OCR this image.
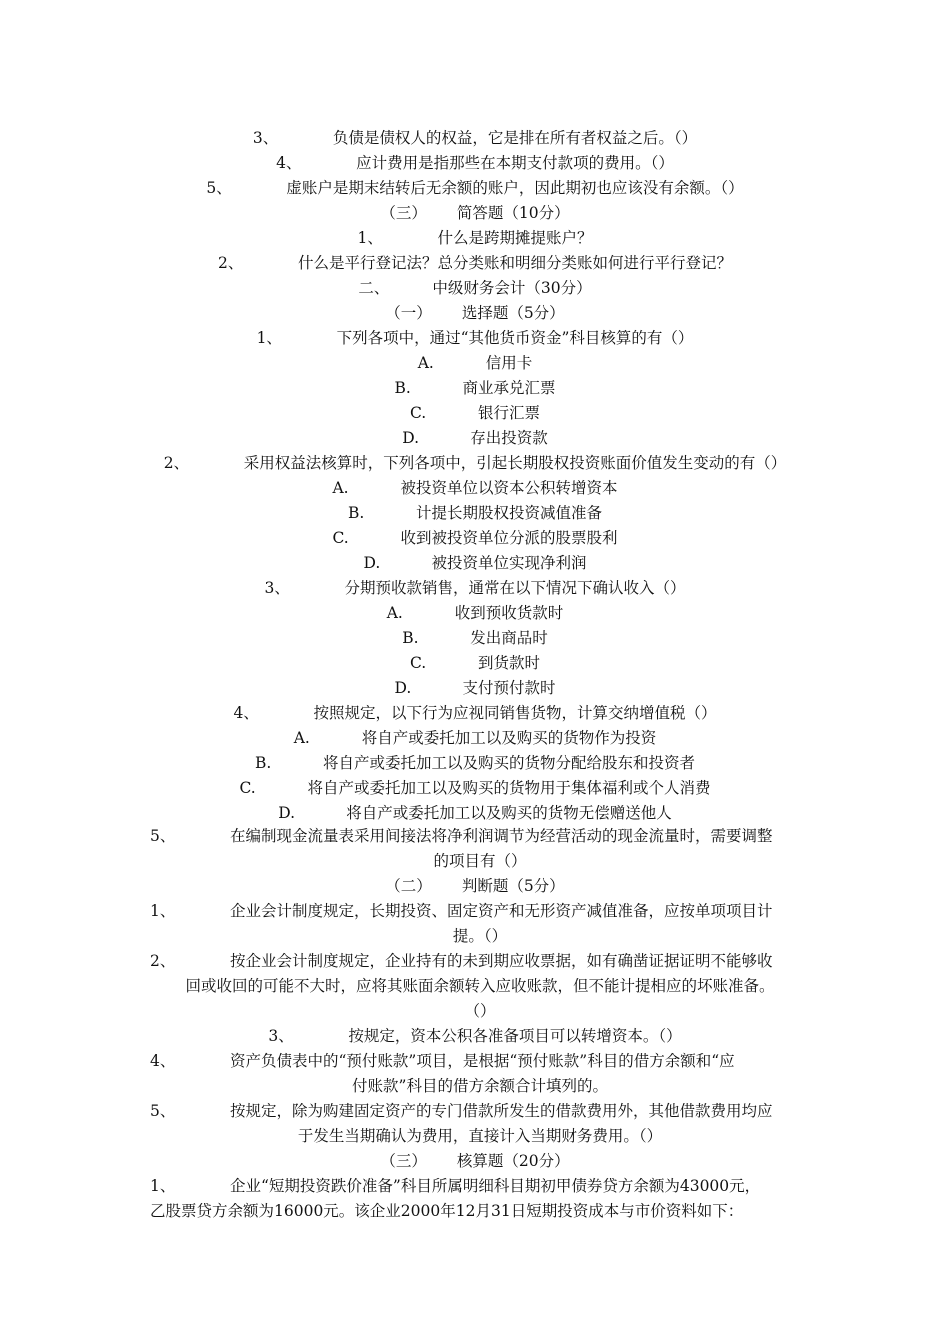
3、	负债是债权人的权益，它是排在所有者权益之后。（）
4、	应计费用是指那些在本期支付款项的费用。（）
5、	虚账户是期末结转后无余额的账户，因此期初也应该没有余额。（）
（三） 简答题（10分）
1、	什么是跨期摊提账户？
2、	什么是平行登记法？总分类账和明细分类账如何进行平行登记？
二、	中级财务会计（30分）
（一） 选择题（5分）
1、	下列各项中，通过“其他货币资金”科目核算的有（）
A.	信用卡
B.	商业承兑汇票
C.	银行汇票
D.	存出投资款
2、	采用权益法核算时，下列各项中，引起长期股权投资账面价值发生变动的有（）
A.	被投资单位以资本公积转增资本
B.	计提长期股权投资减值准备
C.	收到被投资单位分派的股票股利
D.	被投资单位实现净利润
3、	分期预收款销售，通常在以下情况下确认收入（）
A.	收到预收货款时
B.	发出商品时
C.	到货款时
D.	支付预付款时
4、	按照规定，以下行为应视同销售货物，计算交纳增值税（）
A.	将自产或委托加工以及购买的货物作为投资
B.	将自产或委托加工以及购买的货物分配给股东和投资者
C.	将自产或委托加工以及购买的货物用于集体福利或个人消费
D.	将自产或委托加工以及购买的货物无偿赠送他人
5、	在编制现金流量表采用间接法将净利润调节为经营活动的现金流量时，需要调整
的项目有（）
（二） 判断题（5分）
1、	企业会计制度规定，长期投资、固定资产和无形资产减值准备，应按单项项目计
提。（）
2、	按企业会计制度规定，企业持有的未到期应收票据，如有确凿证据证明不能够收
回或收回的可能不大时，应将其账面余额转入应收账款，但不能计提相应的坏账准备。
（）
3、	按规定，资本公积各准备项目可以转增资本。（）
4、	资产负债表中的“预付账款”项目，是根据“预付账款”科目的借方余额和“应
付账款”科目的借方余额合计填列的。
5、	按规定，除为购建固定资产的专门借款所发生的借款费用外，其他借款费用均应
于发生当期确认为费用，直接计入当期财务费用。（）
（三） 核算题（20分）
1、	企业“短期投资跌价准备”科目所属明细科目期初甲债券贷方余额为43000元，
乙股票贷方余额为16000元。该企业2000年12月31日短期投资成本与市价资料如下：
